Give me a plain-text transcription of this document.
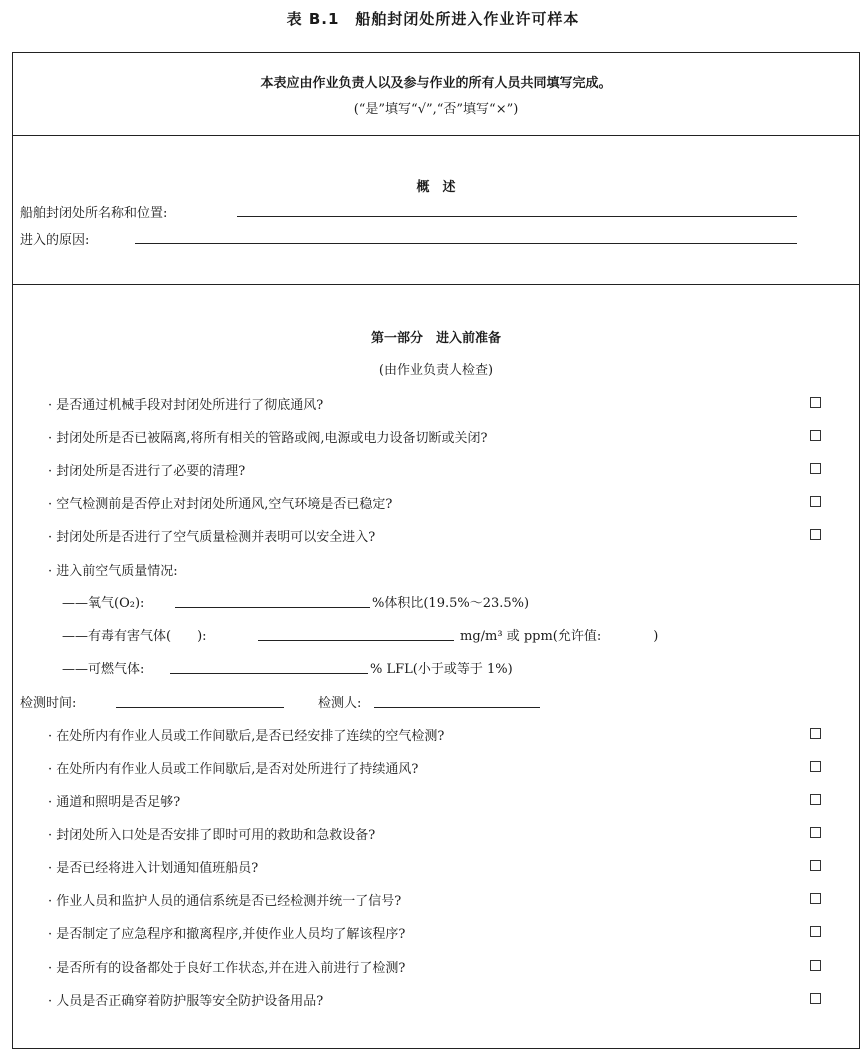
表 B.1　船舶封闭处所进入作业许可样本
本表应由作业负责人以及参与作业的所有人员共同填写完成。
(“是”填写“√”,“否”填写“×”)
概　述
船舶封闭处所名称和位置:
进入的原因:
第一部分　进入前准备
(由作业负责人检查)
· 是否通过机械手段对封闭处所进行了彻底通风?
· 封闭处所是否已被隔离,将所有相关的管路或阀,电源或电力设备切断或关闭?
· 封闭处所是否进行了必要的清理?
· 空气检测前是否停止对封闭处所通风,空气环境是否已稳定?
· 封闭处所是否进行了空气质量检测并表明可以安全进入?
· 进入前空气质量情况:
——氧气(O₂):	%体积比(19.5%～23.5%)
——有毒有害气体(　　):	mg/m³ 或 ppm(允许值:　　　　)
——可燃气体:	% LFL(小于或等于 1%)
检测时间:	检测人:
· 在处所内有作业人员或工作间歇后,是否已经安排了连续的空气检测?
· 在处所内有作业人员或工作间歇后,是否对处所进行了持续通风?
· 通道和照明是否足够?
· 封闭处所入口处是否安排了即时可用的救助和急救设备?
· 是否已经将进入计划通知值班船员?
· 作业人员和监护人员的通信系统是否已经检测并统一了信号?
· 是否制定了应急程序和撤离程序,并使作业人员均了解该程序?
· 是否所有的设备都处于良好工作状态,并在进入前进行了检测?
· 人员是否正确穿着防护服等安全防护设备用品?
